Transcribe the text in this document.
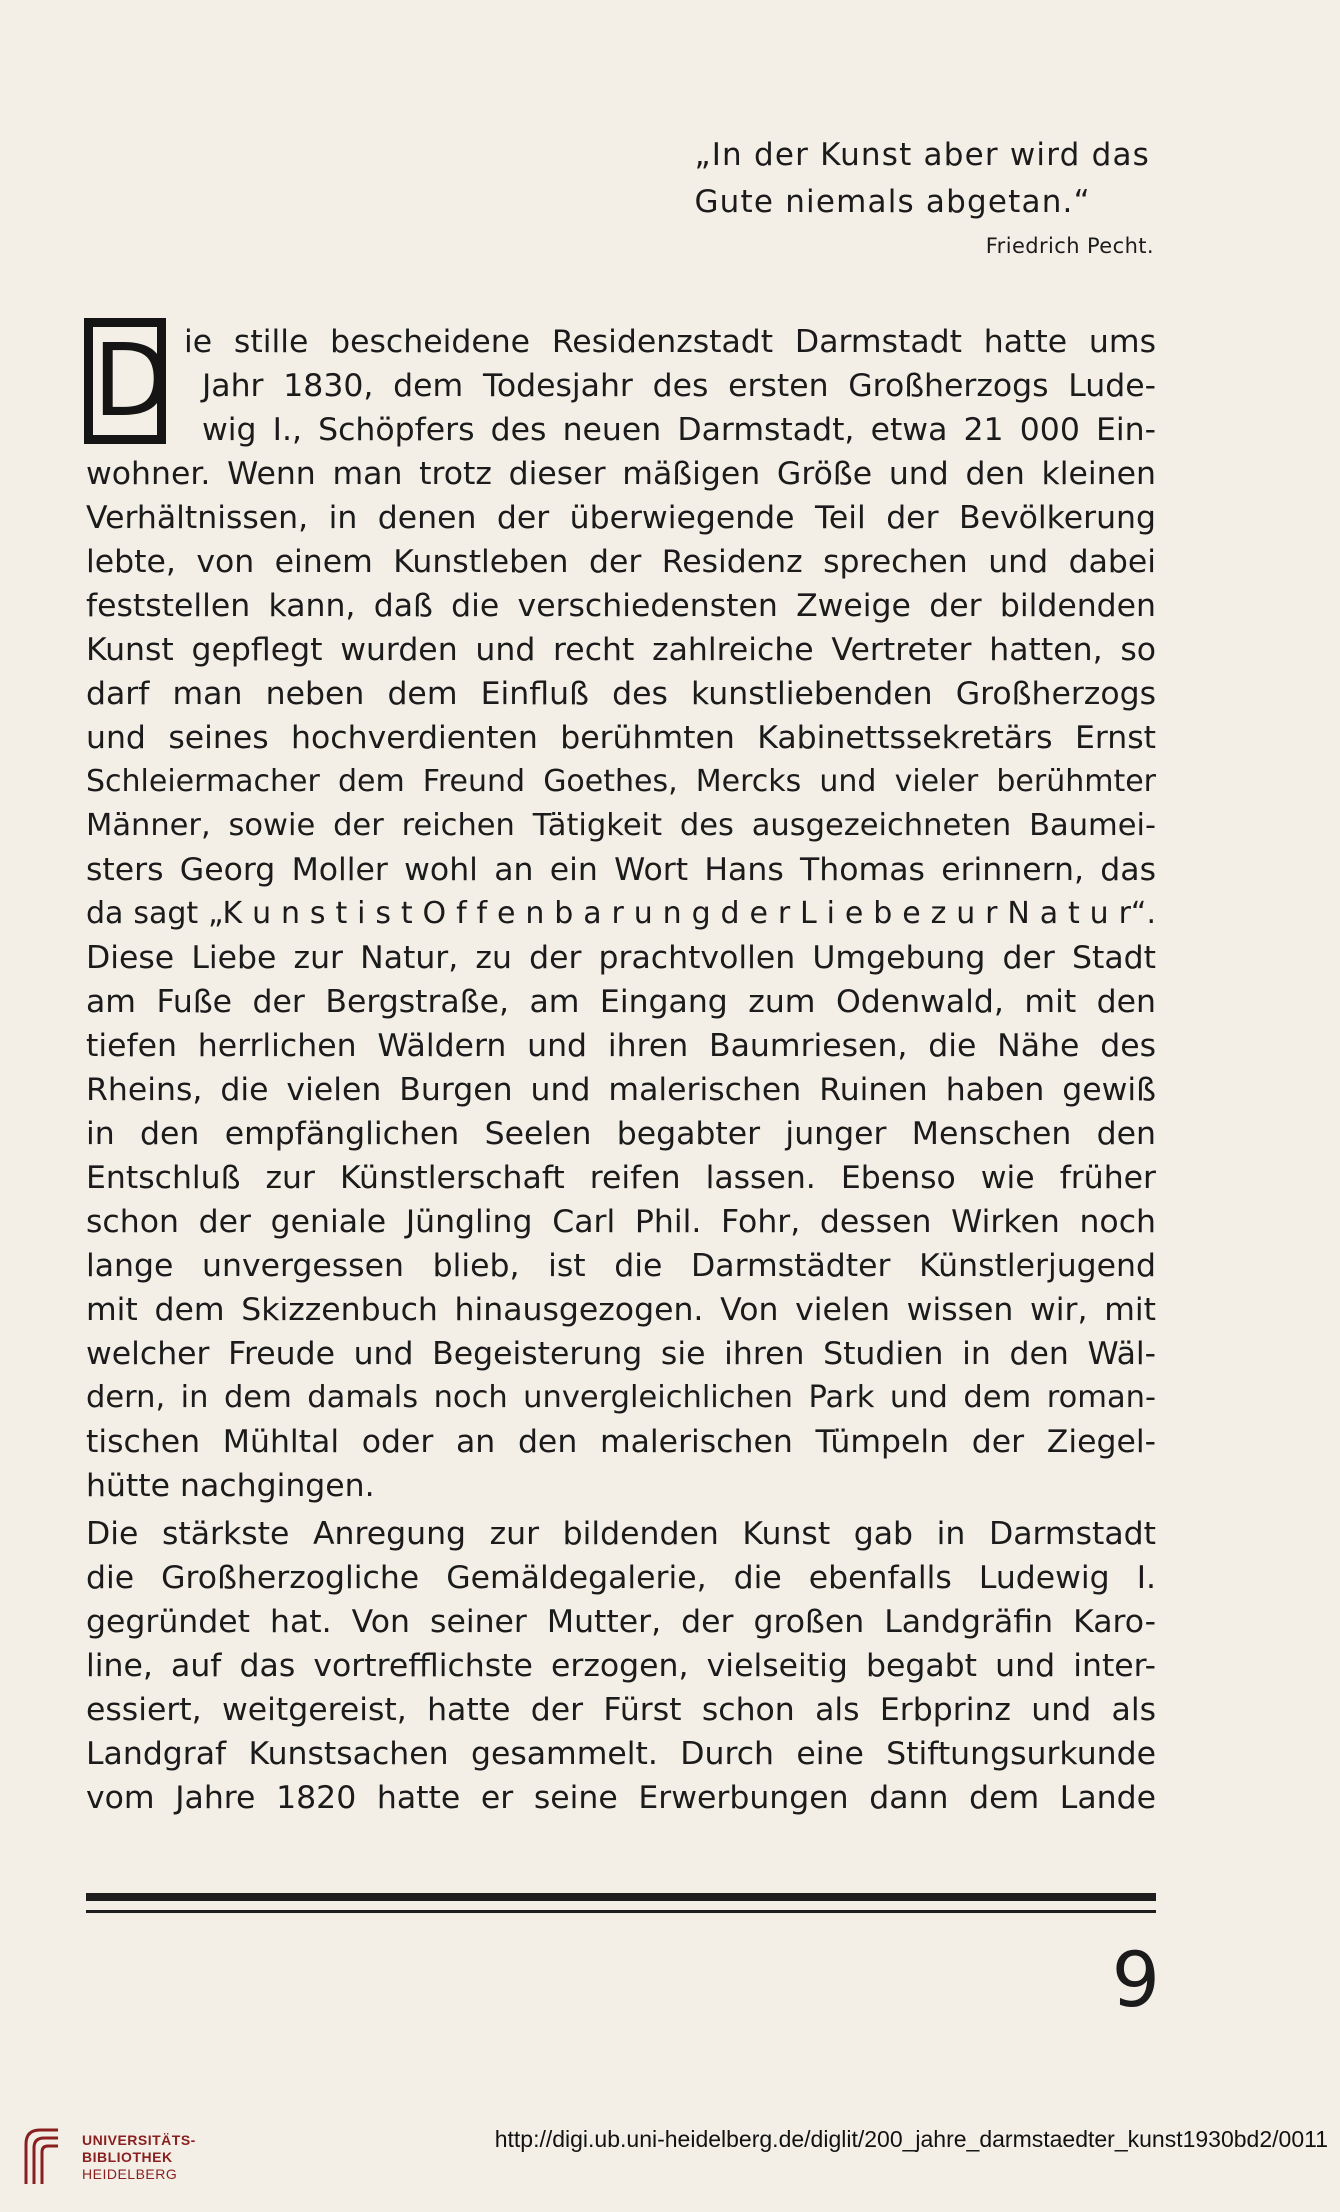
„In der Kunst aber wird das
Gute niemals abgetan.“
Friedrich Pecht.
D ie stille bescheidene Residenzstadt Darmstadt hatte ums
Jahr 1830, dem Todesjahr des ersten Großherzogs Lude-
wig I., Schöpfers des neuen Darmstadt, etwa 21 000 Ein-
wohner. Wenn man trotz dieser mäßigen Größe und den kleinen
Verhältnissen, in denen der überwiegende Teil der Bevölkerung
lebte, von einem Kunstleben der Residenz sprechen und dabei
feststellen kann, daß die verschiedensten Zweige der bildenden
Kunst gepflegt wurden und recht zahlreiche Vertreter hatten, so
darf man neben dem Einfluß des kunstliebenden Großherzogs
und seines hochverdienten berühmten Kabinettssekretärs Ernst
Schleiermacher dem Freund Goethes, Mercks und vieler berühmter
Männer, sowie der reichen Tätigkeit des ausgezeichneten Baumei-
sters Georg Moller wohl an ein Wort Hans Thomas erinnern, das
da sagt „K u n s t i s t O f f e n b a r u n g d e r L i e b e z u r N a t u r“.
Diese Liebe zur Natur, zu der prachtvollen Umgebung der Stadt
am Fuße der Bergstraße, am Eingang zum Odenwald, mit den
tiefen herrlichen Wäldern und ihren Baumriesen, die Nähe des
Rheins, die vielen Burgen und malerischen Ruinen haben gewiß
in den empfänglichen Seelen begabter junger Menschen den
Entschluß zur Künstlerschaft reifen lassen. Ebenso wie früher
schon der geniale Jüngling Carl Phil. Fohr, dessen Wirken noch
lange unvergessen blieb, ist die Darmstädter Künstlerjugend
mit dem Skizzenbuch hinausgezogen. Von vielen wissen wir, mit
welcher Freude und Begeisterung sie ihren Studien in den Wäl-
dern, in dem damals noch unvergleichlichen Park und dem roman-
tischen Mühltal oder an den malerischen Tümpeln der Ziegel-
hütte nachgingen.
Die stärkste Anregung zur bildenden Kunst gab in Darmstadt
die Großherzogliche Gemäldegalerie, die ebenfalls Ludewig I.
gegründet hat. Von seiner Mutter, der großen Landgräfin Karo-
line, auf das vortrefflichste erzogen, vielseitig begabt und inter-
essiert, weitgereist, hatte der Fürst schon als Erbprinz und als
Landgraf Kunstsachen gesammelt. Durch eine Stiftungsurkunde
vom Jahre 1820 hatte er seine Erwerbungen dann dem Lande
9
UNIVERSITÄTS-
BIBLIOTHEK
HEIDELBERG
http://digi.ub.uni-heidelberg.de/diglit/200_jahre_darmstaedter_kunst1930bd2/0011
